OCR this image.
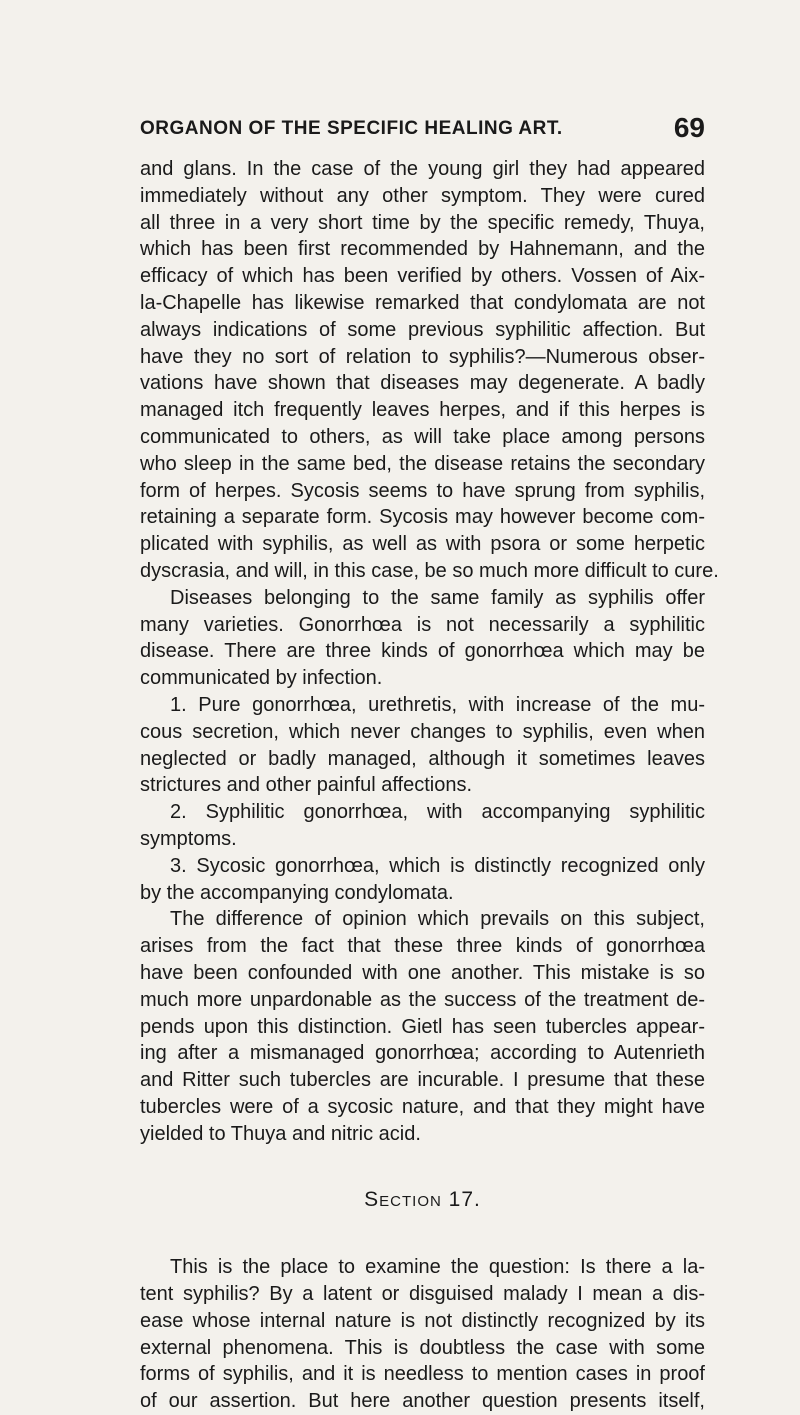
ORGANON OF THE SPECIFIC HEALING ART.	69
and glans. In the case of the young girl they had appeared
immediately without any other symptom. They were cured
all three in a very short time by the specific remedy, Thuya,
which has been first recommended by Hahnemann, and the
efficacy of which has been verified by others. Vossen of Aix-
la-Chapelle has likewise remarked that condylomata are not
always indications of some previous syphilitic affection. But
have they no sort of relation to syphilis?—Numerous obser-
vations have shown that diseases may degenerate. A badly
managed itch frequently leaves herpes, and if this herpes is
communicated to others, as will take place among persons
who sleep in the same bed, the disease retains the secondary
form of herpes. Sycosis seems to have sprung from syphilis,
retaining a separate form. Sycosis may however become com-
plicated with syphilis, as well as with psora or some herpetic
dyscrasia, and will, in this case, be so much more difficult to cure.
Diseases belonging to the same family as syphilis offer
many varieties. Gonorrhœa is not necessarily a syphilitic
disease. There are three kinds of gonorrhœa which may be
communicated by infection.
1. Pure gonorrhœa, urethretis, with increase of the mu-
cous secretion, which never changes to syphilis, even when
neglected or badly managed, although it sometimes leaves
strictures and other painful affections.
2. Syphilitic gonorrhœa, with accompanying syphilitic
symptoms.
3. Sycosic gonorrhœa, which is distinctly recognized only
by the accompanying condylomata.
The difference of opinion which prevails on this subject,
arises from the fact that these three kinds of gonorrhœa
have been confounded with one another. This mistake is so
much more unpardonable as the success of the treatment de-
pends upon this distinction. Gietl has seen tubercles appear-
ing after a mismanaged gonorrhœa; according to Autenrieth
and Ritter such tubercles are incurable. I presume that these
tubercles were of a sycosic nature, and that they might have
yielded to Thuya and nitric acid.
Section 17.
This is the place to examine the question: Is there a la-
tent syphilis? By a latent or disguised malady I mean a dis-
ease whose internal nature is not distinctly recognized by its
external phenomena. This is doubtless the case with some
forms of syphilis, and it is needless to mention cases in proof
of our assertion. But here another question presents itself,
